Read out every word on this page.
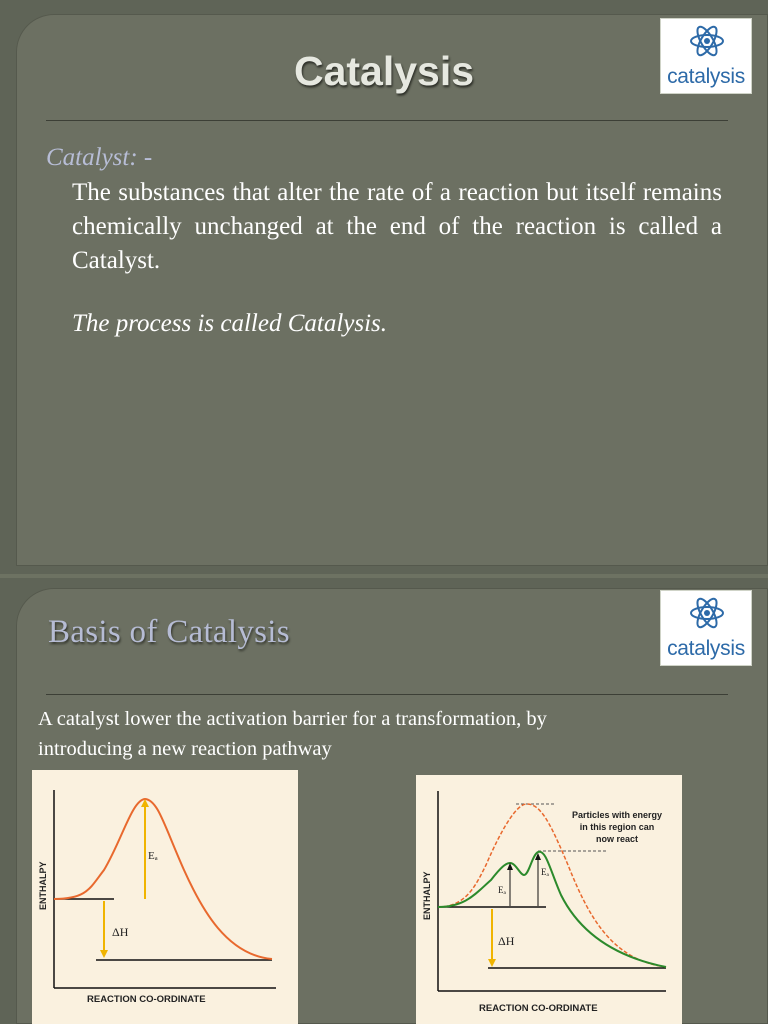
Catalysis	catalysis
Catalyst: -
The substances that alter the rate of a reaction but itself remains chemically unchanged at the end of the reaction is called a Catalyst.
The process is called Catalysis.
Basis of Catalysis	catalysis
A catalyst lower the activation barrier for a transformation, by
introducing a new reaction pathway
ENTHALPY
REACTION CO-ORDINATE
Eₐ
ΔH
ENTHALPY
REACTION CO-ORDINATE
Eₐ
Eₐ
ΔH
Particles with energy
in this region can
now react
